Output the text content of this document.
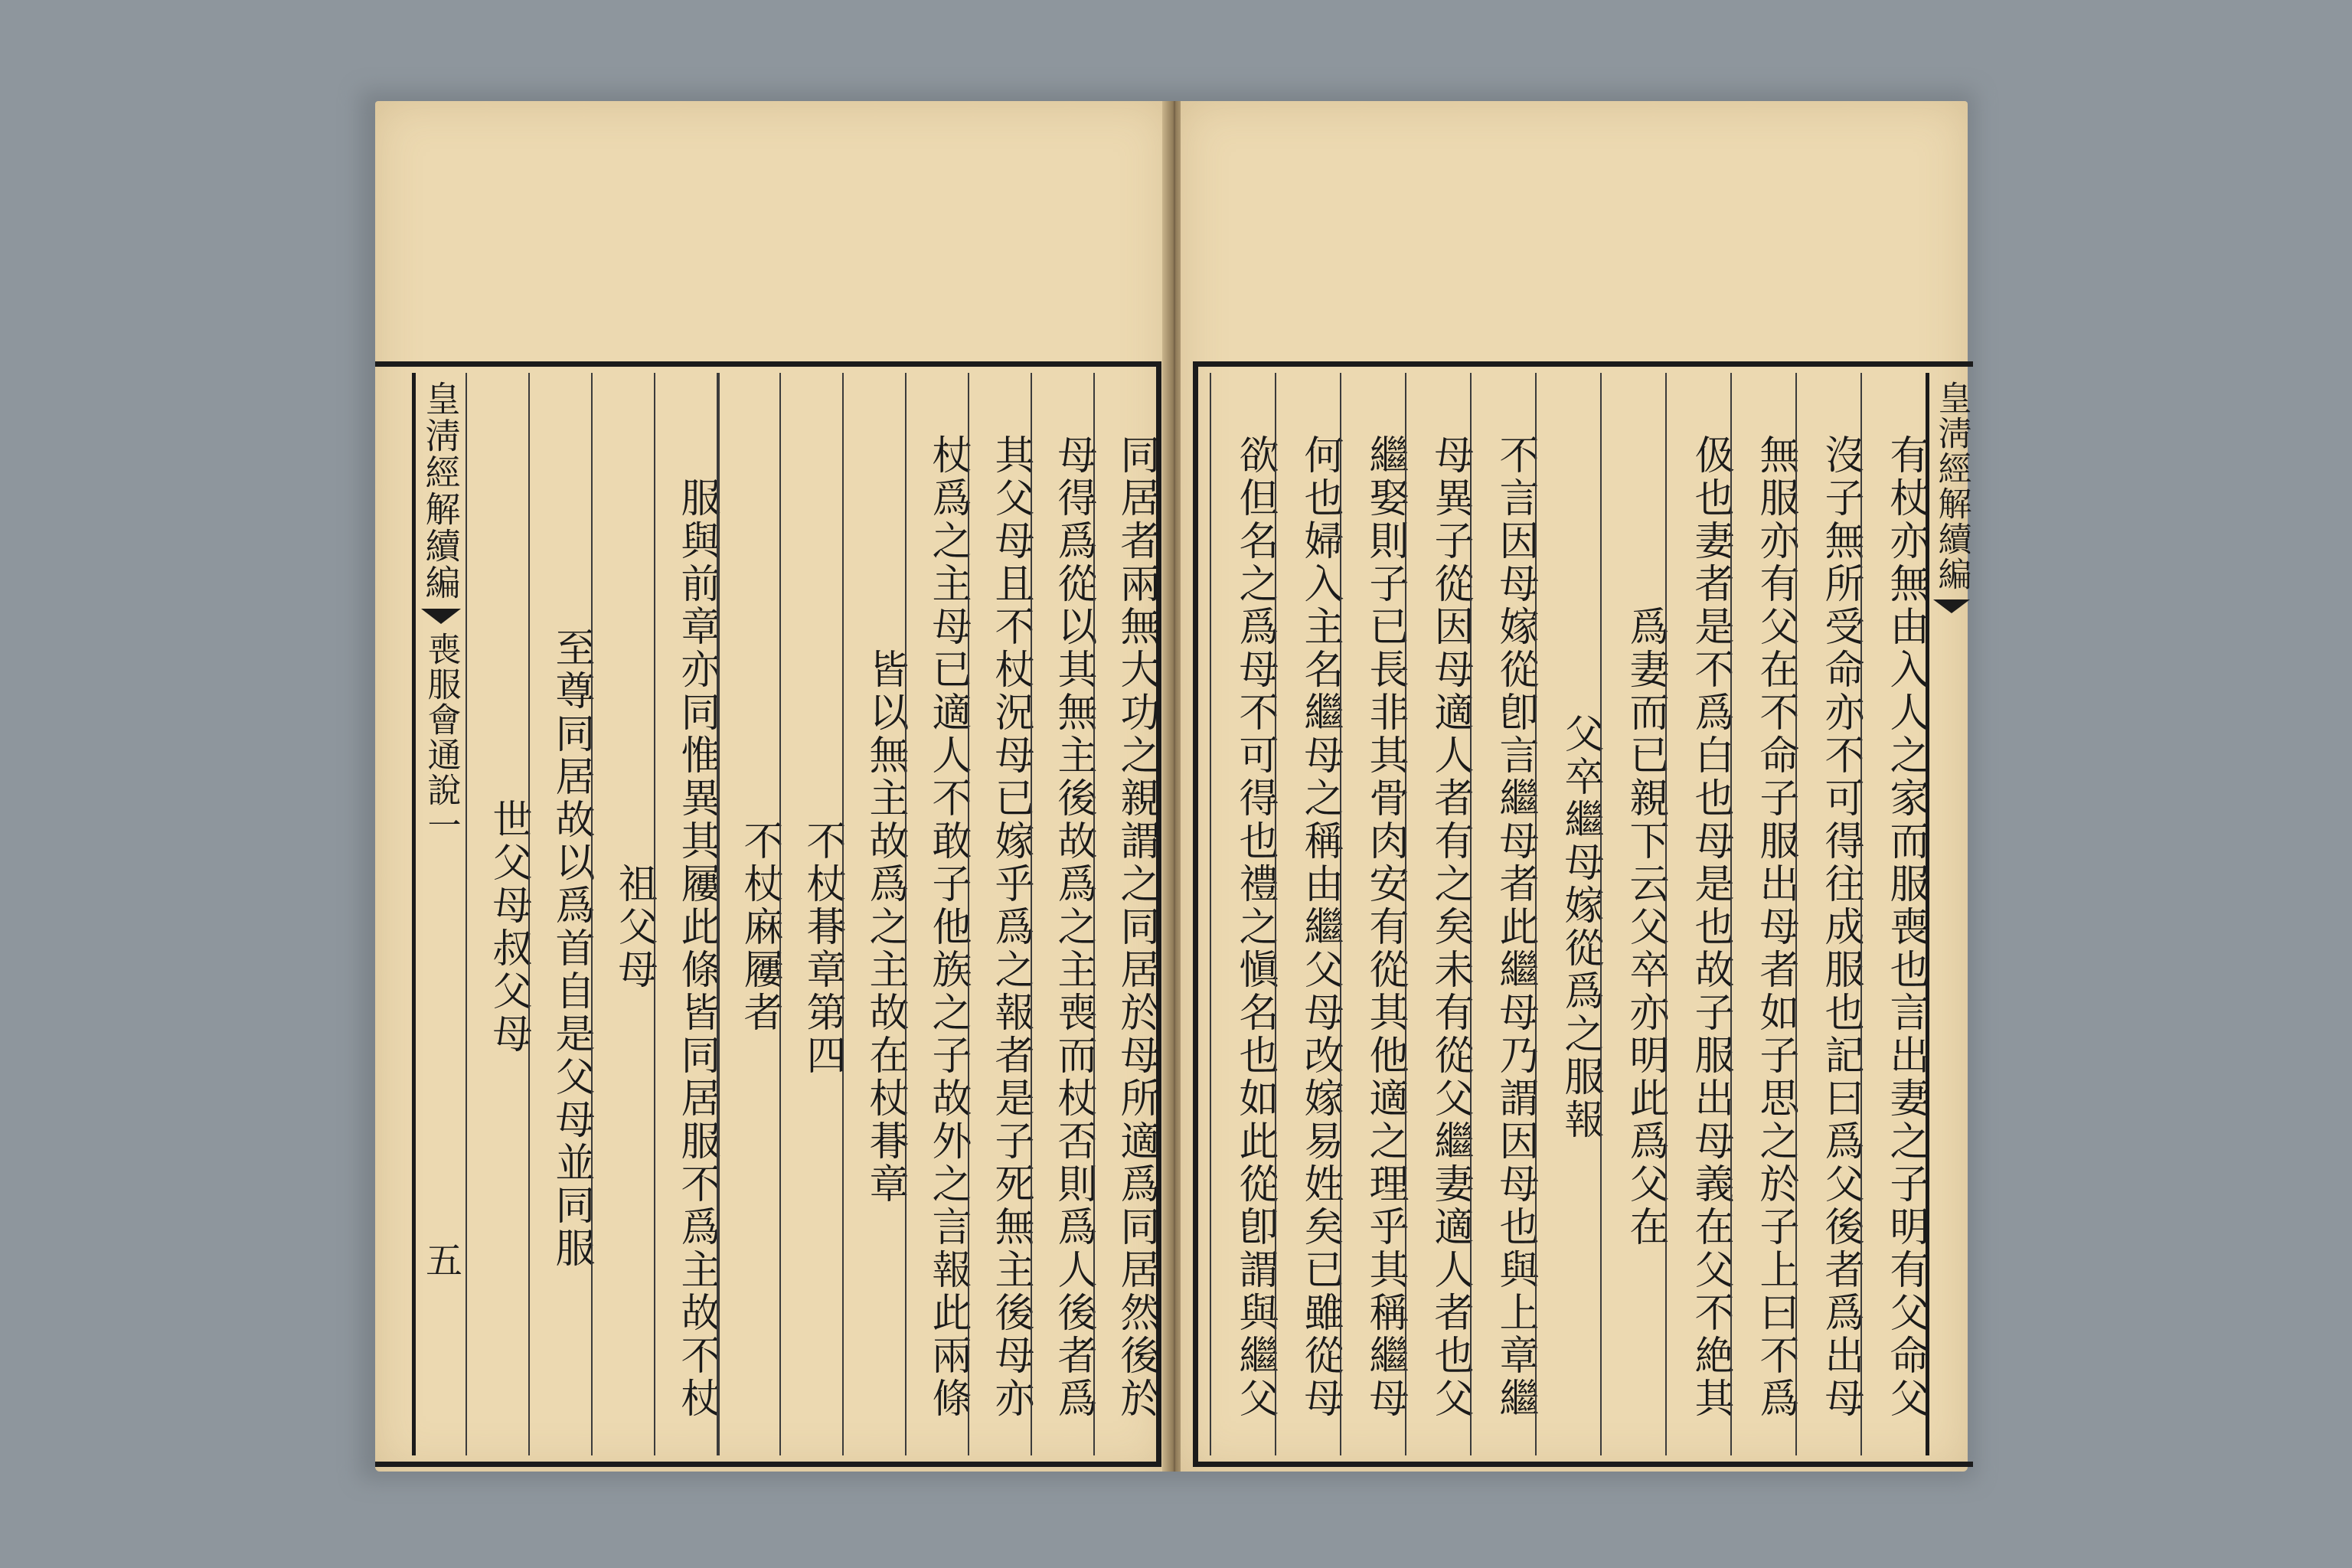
同居者兩無大功之親謂之同居於母所適爲同居然後於
母得爲從以其無主後故爲之主喪而杖否則爲人後者爲
其父母且不杖況母已嫁乎爲之報者是子死無主後母亦
杖爲之主母已適人不敢子他族之子故外之言報此兩條
皆以無主故爲之主故在杖朞章
不杖朞章第四
不杖麻屨者
服與前章亦同惟異其屨此條皆同居服不爲主故不杖
祖父母
至尊同居故以爲首自是父母並同服
世父母叔父母
皇淸經解續編
喪服會通說一
五
皇淸經解續編
有杖亦無由入人之家而服喪也言出妻之子明有父命父
沒子無所受命亦不可得往成服也記曰爲父後者爲出母
無服亦有父在不命子服出母者如子思之於子上曰不爲
伋也妻者是不爲白也母是也故子服出母義在父不絶其
爲妻而已親下云父卒亦明此爲父在
父卒繼母嫁從爲之服報
不言因母嫁從卽言繼母者此繼母乃謂因母也與上章繼
母異子從因母適人者有之矣未有從父繼妻適人者也父
繼娶則子已長非其骨肉安有從其他適之理乎其稱繼母
何也婦入主名繼母之稱由繼父母改嫁易姓矣已雖從母
欲但名之爲母不可得也禮之愼名也如此從卽謂與繼父
